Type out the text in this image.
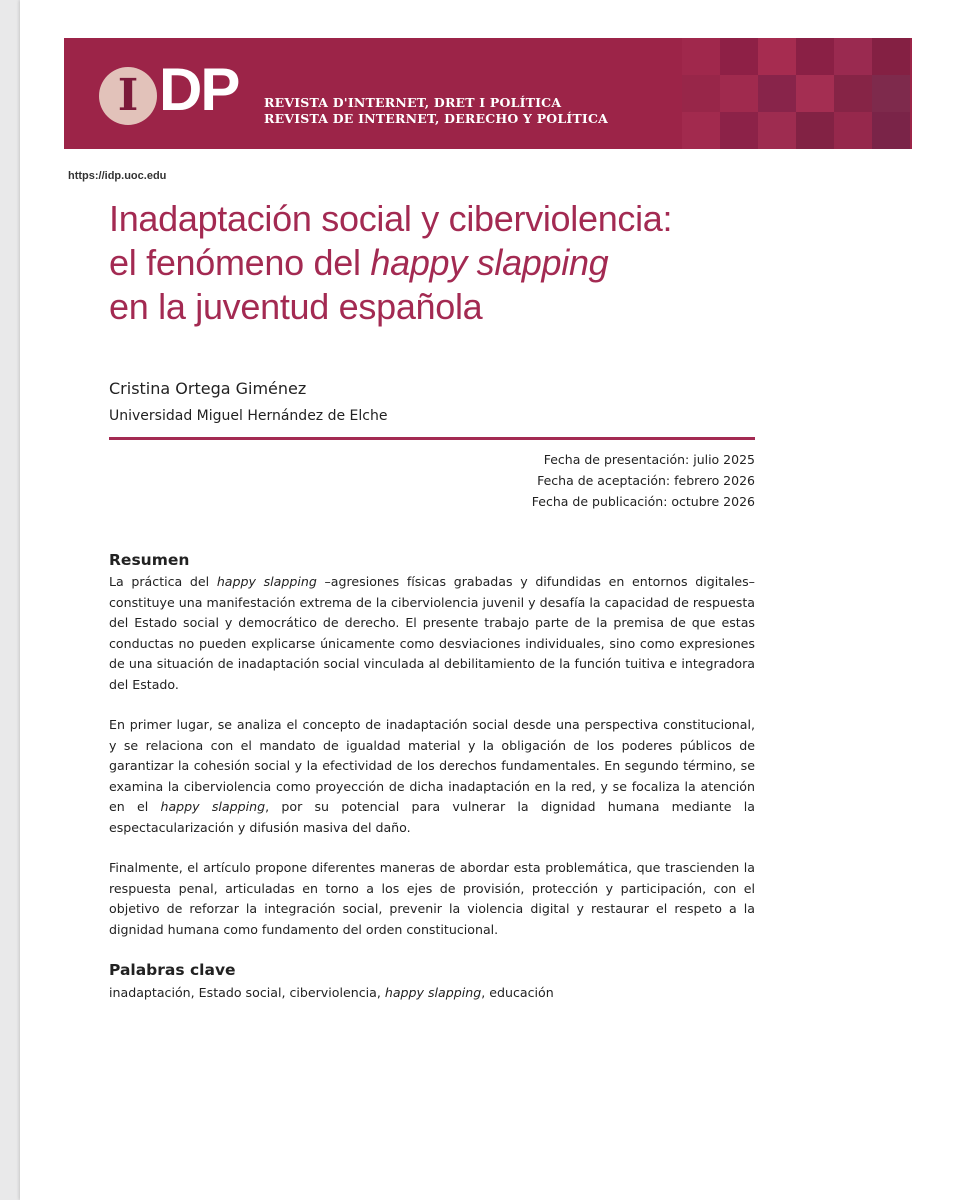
I DP REVISTA D'INTERNET, DRET I POLÍTICA
REVISTA DE INTERNET, DERECHO Y POLÍTICA
https://idp.uoc.edu
Inadaptación social y ciberviolencia:
el fenómeno del happy slapping
en la juventud española
Cristina Ortega Giménez
Universidad Miguel Hernández de Elche
Fecha de presentación: julio 2025
Fecha de aceptación: febrero 2026
Fecha de publicación: octubre 2026
Resumen

La práctica del happy slapping –agresiones físicas grabadas y difundidas en entornos digitales– constituye una manifestación extrema de la ciberviolencia juvenil y desafía la capacidad de respuesta del Estado social y democrático de derecho. El presente trabajo parte de la premisa de que estas conductas no pueden explicarse únicamente como desviaciones individuales, sino como expresiones de una situación de inadaptación social vinculada al debilitamiento de la función tuitiva e integradora del Estado.

En primer lugar, se analiza el concepto de inadaptación social desde una perspectiva constitucional, y se relaciona con el mandato de igualdad material y la obligación de los poderes públicos de garantizar la cohesión social y la efectividad de los derechos fundamentales. En segundo término, se examina la ciberviolencia como proyección de dicha inadaptación en la red, y se focaliza la atención en el happy slapping, por su potencial para vulnerar la dignidad humana mediante la espectacularización y difusión masiva del daño.

Finalmente, el artículo propone diferentes maneras de abordar esta problemática, que trascienden la respuesta penal, articuladas en torno a los ejes de provisión, protección y participación, con el objetivo de reforzar la integración social, prevenir la violencia digital y restaurar el respeto a la dignidad humana como fundamento del orden constitucional.

Palabras clave
inadaptación, Estado social, ciberviolencia, happy slapping, educación
